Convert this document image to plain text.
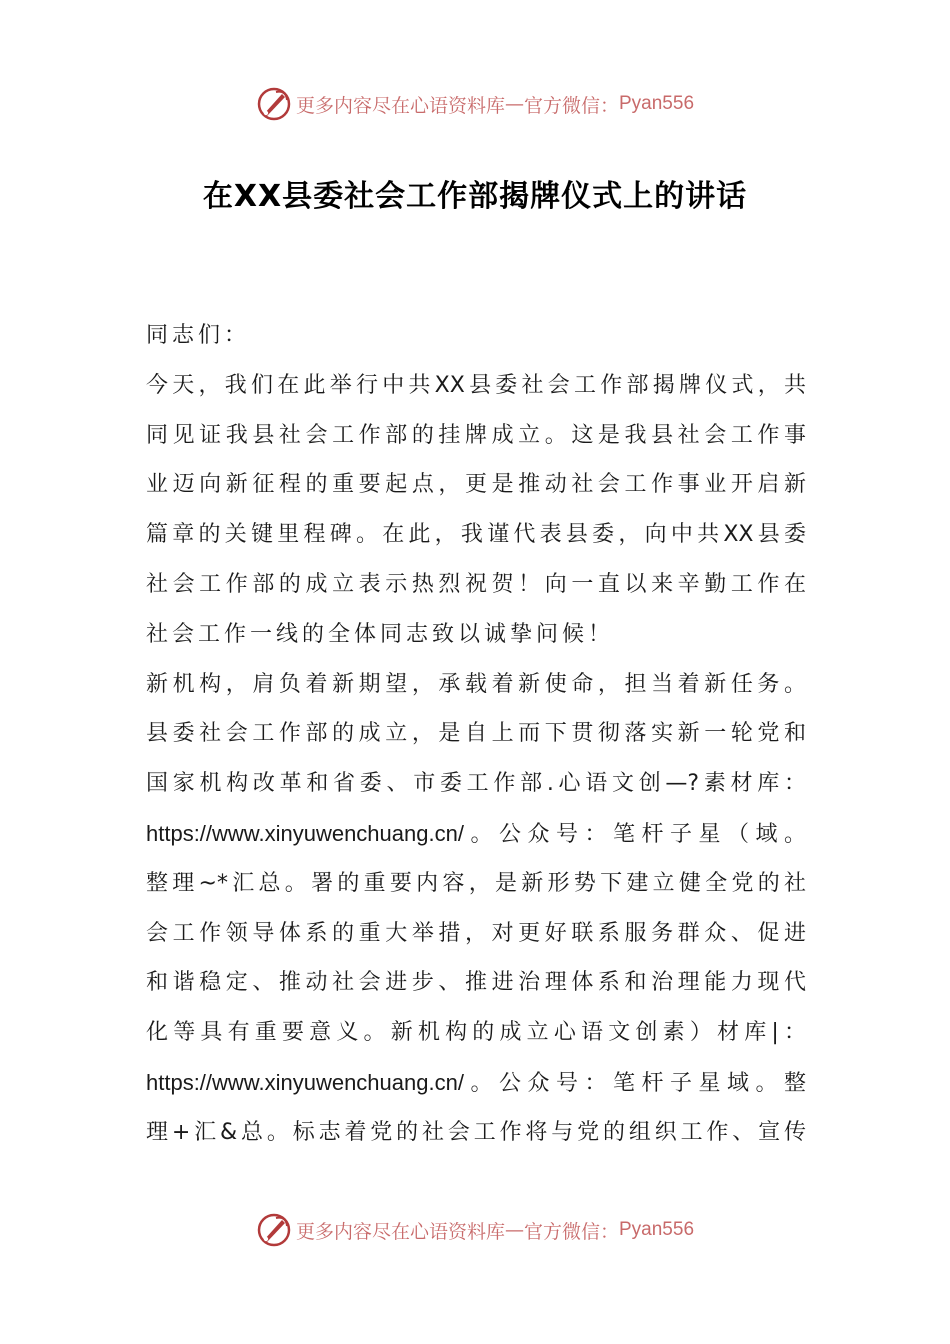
更多内容尽在心语资料库 — 官方微信： Pyan556
在XX县委社会工作部揭牌仪式上的讲话
同志们：
今天，我们在此举行中共XX县委社会工作部揭牌仪式，共
同见证我县社会工作部的挂牌成立。这是我县社会工作事
业迈向新征程的重要起点，更是推动社会工作事业开启新
篇章的关键里程碑。在此，我谨代表县委，向中共XX县委
社会工作部的成立表示热烈祝贺！向一直以来辛勤工作在
社会工作一线的全体同志致以诚挚问候！
新机构，肩负着新期望，承载着新使命，担当着新任务。
县委社会工作部的成立，是自上而下贯彻落实新一轮党和
国家机构改革和省委、市委工作部.心语文创—?素材库：
https://www.xinyuwenchuang.cn/。公众号：笔杆子星（域。
整理~*汇总。署的重要内容，是新形势下建立健全党的社
会工作领导体系的重大举措，对更好联系服务群众、促进
和谐稳定、推动社会进步、推进治理体系和治理能力现代
化等具有重要意义。新机构的成立心语文创素）材库|：
https://www.xinyuwenchuang.cn/。公众号：笔杆子星域。整
理+汇&总。标志着党的社会工作将与党的组织工作、宣传
更多内容尽在心语资料库 — 官方微信： Pyan556
